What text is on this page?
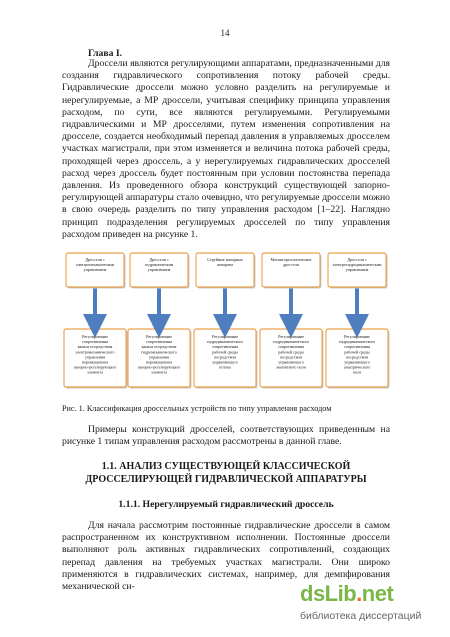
14
Глава I.

Дроссели являются регулирующими аппаратами, предназначенными для создания гидравлического сопротивления потоку рабочей среды. Гидравлические дроссели можно условно разделить на регулируемые и нерегулируемые, а МР дроссели, учитывая специфику принципа управления расходом, по сути, все являются регулируемыми. Регулируемыми гидравлическими и МР дросселями, путем изменения сопротивления на дросселе, создается необходимый перепад давления в управляемых дросселем участках магистрали, при этом изменяется и величина потока рабочей среды, проходящей через дроссель, а у нерегулируемых гидравлических дросселей расход через дроссель будет постоянным при условии постоянства перепада давления. Из проведенного обзора конструкций существующей запорно-регулирующей аппаратуры стало очевидно, что регулируемые дроссели можно в свою очередь разделить по типу управления расходом [1–22]. Наглядно принцип подразделения регулируемых дросселей по типу управления расходом приведен на рисунке 1.

Дроссели с электромеханическим управлением
Дроссели с гидравлическим управлением
Струйные напорные аппараты
Магнитореологические дроссели
Дроссели с электрогидродинамическим управлением
Регулирование сопротивления канала посредством электромеханического управления перемещением запорно-регулирующего элемента
Регулирование сопротивления канала посредством гидромеханического управления перемещением запорно-регулирующего элемента
Регулирование гидродинамического сопротивления рабочей среды посредством управляющего потока
Регулирование гидродинамического сопротивления рабочей среды посредством управляющего магнитного поля
Регулирование гидродинамического сопротивления рабочей среды посредством управляющего электрического поля
Рис. 1. Классификация дроссельных устройств по типу управления расходом

Примеры конструкций дросселей, соответствующих приведенным на рисунке 1 типам управления расходом рассмотрены в данной главе.

1.1. АНАЛИЗ СУЩЕСТВУЮЩЕЙ КЛАССИЧЕСКОЙ
ДРОССЕЛИРУЮЩЕЙ ГИДРАВЛИЧЕСКОЙ АППАРАТУРЫ
1.1.1. Нерегулируемый гидравлический дроссель

Для начала рассмотрим постоянные гидравлические дроссели в самом распространенном их конструктивном исполнении. Постоянные дроссели выполняют роль активных гидравлических сопротивлений, создающих перепад давления на требуемых участках магистрали. Они широко применяются в гидравлических системах, например, для демпфирования механической си-	dsLib.net
библиотека диссертаций
